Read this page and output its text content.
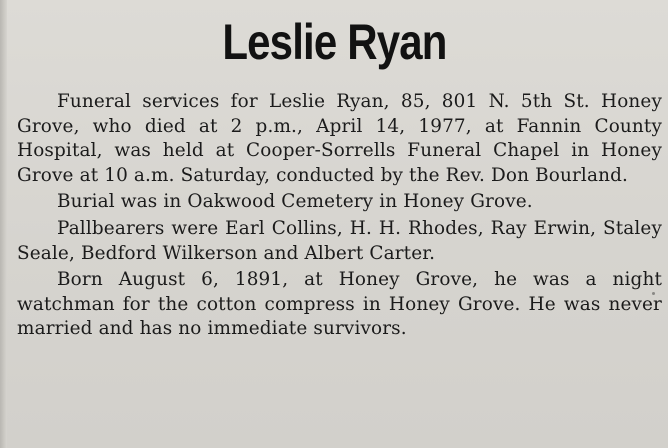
Leslie Ryan

Funeral services for Leslie Ryan, 85, 801 N. 5th St. Honey Grove, who died at 2 p.m., April 14, 1977, at Fannin County Hospital, was held at Cooper-Sorrells Funeral Chapel in Honey Grove at 10 a.m. Saturday, conducted by the Rev. Don Bourland.

Burial was in Oakwood Cemetery in Honey Grove.

Pallbearers were Earl Collins, H. H. Rhodes, Ray Erwin, Staley Seale, Bedford Wilkerson and Albert Carter.

Born August 6, 1891, at Honey Grove, he was a night watchman for the cotton compress in Honey Grove. He was never married and has no immediate survivors.
